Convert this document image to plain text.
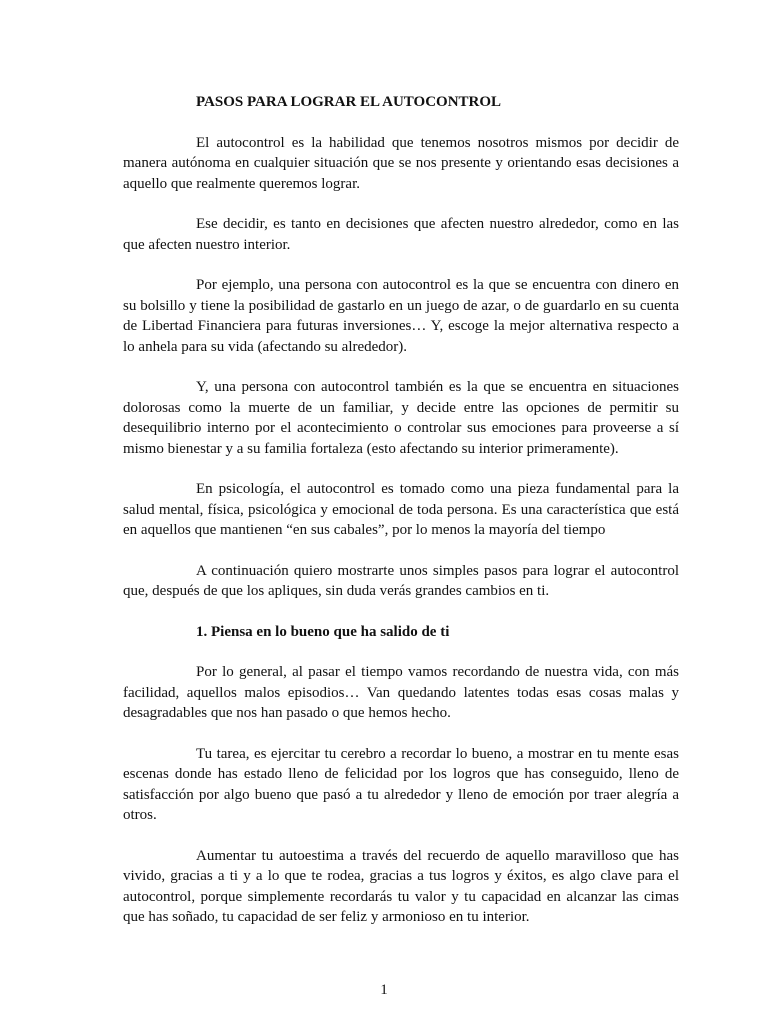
PASOS PARA LOGRAR EL AUTOCONTROL

El autocontrol es la habilidad que tenemos nosotros mismos por decidir de manera autónoma en cualquier situación que se nos presente y orientando esas decisiones a aquello que realmente queremos lograr.

Ese decidir, es tanto en decisiones que afecten nuestro alrededor, como en las que afecten nuestro interior.

Por ejemplo, una persona con autocontrol es la que se encuentra con dinero en su bolsillo y tiene la posibilidad de gastarlo en un juego de azar, o de guardarlo en su cuenta de Libertad Financiera para futuras inversiones… Y, escoge la mejor alternativa respecto a lo anhela para su vida (afectando su alrededor).

Y, una persona con autocontrol también es la que se encuentra en situaciones dolorosas como la muerte de un familiar, y decide entre las opciones de permitir su desequilibrio interno por el acontecimiento o controlar sus emociones para proveerse a sí mismo bienestar y a su familia fortaleza (esto afectando su interior primeramente).

En psicología, el autocontrol es tomado como una pieza fundamental para la salud mental, física, psicológica y emocional de toda persona. Es una característica que está en aquellos que mantienen “en sus cabales”, por lo menos la mayoría del tiempo

A continuación quiero mostrarte unos simples pasos para lograr el autocontrol que, después de que los apliques, sin duda verás grandes cambios en ti.

1. Piensa en lo bueno que ha salido de ti

Por lo general, al pasar el tiempo vamos recordando de nuestra vida, con más facilidad, aquellos malos episodios… Van quedando latentes todas esas cosas malas y desagradables que nos han pasado o que hemos hecho.

Tu tarea, es ejercitar tu cerebro a recordar lo bueno, a mostrar en tu mente esas escenas donde has estado lleno de felicidad por los logros que has conseguido, lleno de satisfacción por algo bueno que pasó a tu alrededor y lleno de emoción por traer alegría a otros.

Aumentar tu autoestima a través del recuerdo de aquello maravilloso que has vivido, gracias a ti y a lo que te rodea, gracias a tus logros y éxitos, es algo clave para el autocontrol, porque simplemente recordarás tu valor y tu capacidad en alcanzar las cimas que has soñado, tu capacidad de ser feliz y armonioso en tu interior.

1
